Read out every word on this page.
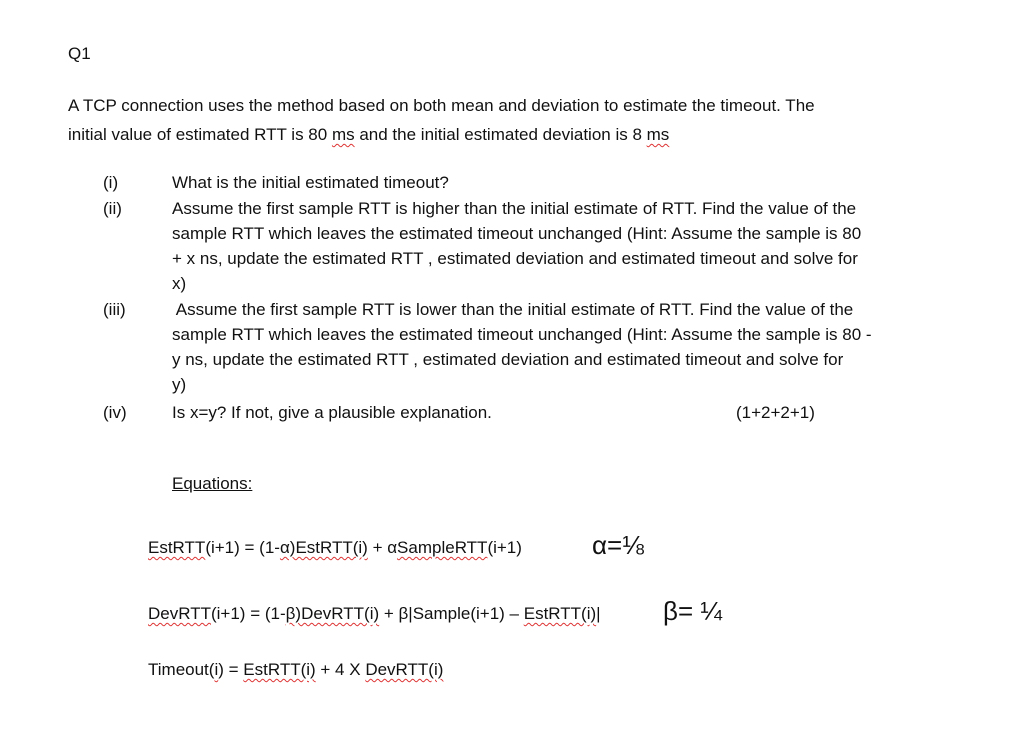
Q1
A TCP connection uses the method based on both mean and deviation to estimate the timeout. The
initial value of estimated RTT is 80 ms and the initial estimated deviation is 8 ms
(i)	What is the initial estimated timeout?
(ii)	Assume the first sample RTT is higher than the initial estimate of RTT. Find the value of the
sample RTT which leaves the estimated timeout unchanged (Hint: Assume the sample is 80
+ x ns, update the estimated RTT , estimated deviation and estimated timeout and solve for
x)
(iii)	Assume the first sample RTT is lower than the initial estimate of RTT. Find the value of the
sample RTT which leaves the estimated timeout unchanged (Hint: Assume the sample is 80 -
y ns, update the estimated RTT , estimated deviation and estimated timeout and solve for
y)
(iv)	Is x=y? If not, give a plausible explanation.	(1+2+2+1)
Equations:
EstRTT(i+1) = (1-α)EstRTT(i) + αSampleRTT(i+1)	α=⅛
DevRTT(i+1) = (1-β)DevRTT(i) + β|Sample(i+1) – EstRTT(i)| β= ¼
Timeout(i) = EstRTT(i) + 4 X DevRTT(i)
